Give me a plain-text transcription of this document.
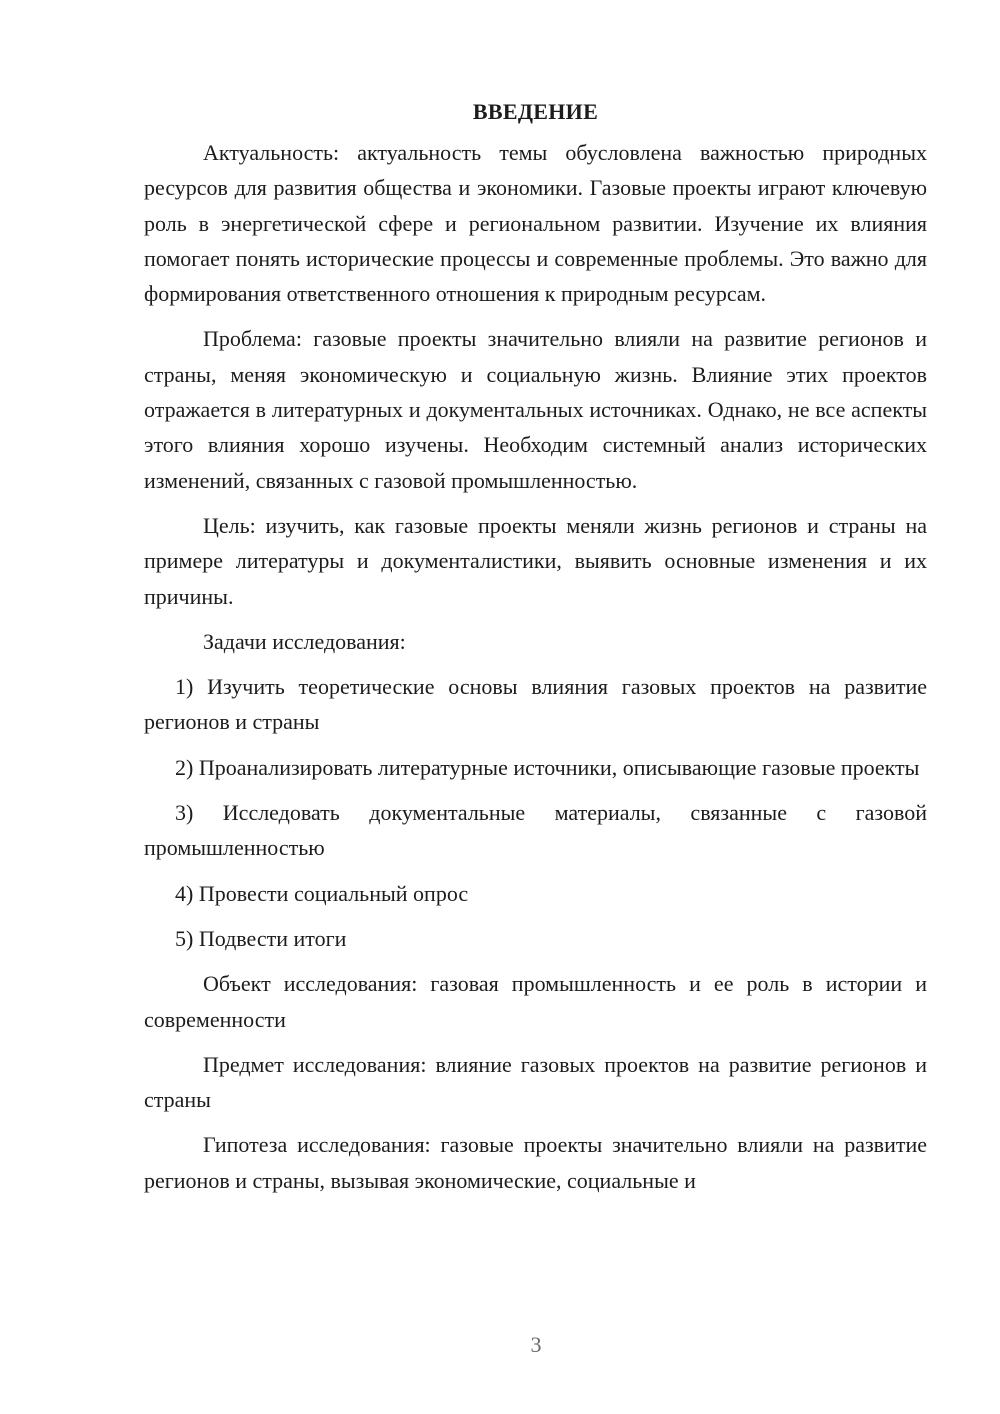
ВВЕДЕНИЕ

Актуальность: актуальность темы обусловлена важностью природных ресурсов для развития общества и экономики. Газовые проекты играют ключевую роль в энергетической сфере и региональном развитии. Изучение их влияния помогает понять исторические процессы и современные проблемы. Это важно для формирования ответственного отношения к природным ресурсам.

Проблема: газовые проекты значительно влияли на развитие регионов и страны, меняя экономическую и социальную жизнь. Влияние этих проектов отражается в литературных и документальных источниках. Однако, не все аспекты этого влияния хорошо изучены. Необходим системный анализ исторических изменений, связанных с газовой промышленностью.

Цель: изучить, как газовые проекты меняли жизнь регионов и страны на примере литературы и документалистики, выявить основные изменения и их причины.

Задачи исследования:

1) Изучить теоретические основы влияния газовых проектов на развитие регионов и страны

2) Проанализировать литературные источники, описывающие газовые проекты

3) Исследовать документальные материалы, связанные с газовой промышленностью

4) Провести социальный опрос

5) Подвести итоги

Объект исследования: газовая промышленность и ее роль в истории и современности

Предмет исследования: влияние газовых проектов на развитие регионов и страны

Гипотеза исследования: газовые проекты значительно влияли на развитие регионов и страны, вызывая экономические, социальные и

3
